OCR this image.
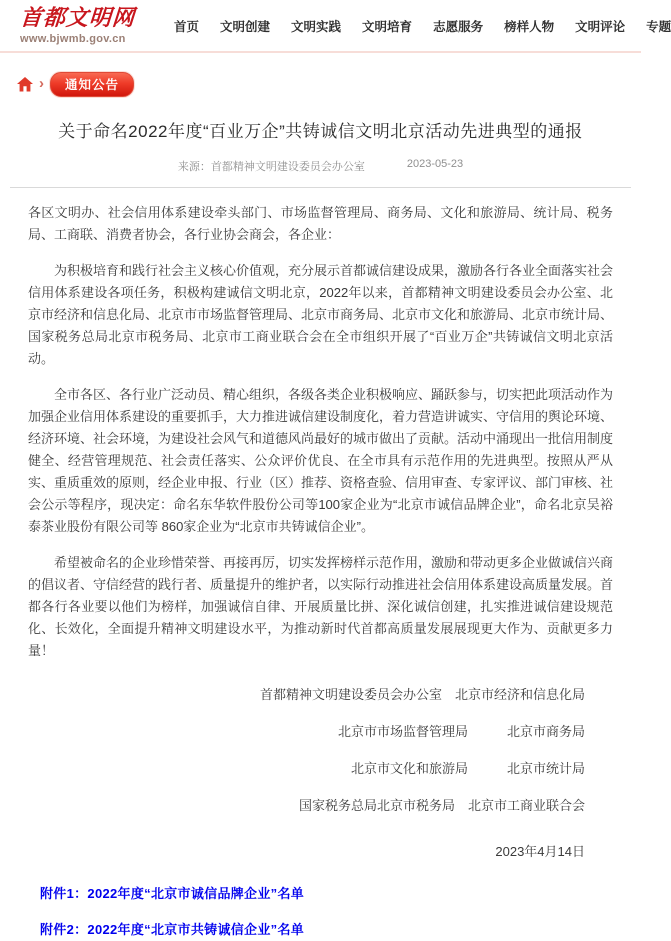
首都文明网
www.bjwmb.gov.cn
首页 文明创建 文明实践 文明培育 志愿服务 榜样人物 文明评论 专题
›	通知公告
关于命名2022年度“百业万企”共铸诚信文明北京活动先进典型的通报
来源：首都精神文明建设委员会办公室	2023-05-23

各区文明办、社会信用体系建设牵头部门、市场监督管理局、商务局、文化和旅游局、统计局、税务局、工商联、消费者协会，各行业协会商会，各企业：

为积极培育和践行社会主义核心价值观，充分展示首都诚信建设成果，激励各行各业全面落实社会信用体系建设各项任务，积极构建诚信文明北京，2022年以来，首都精神文明建设委员会办公室、北京市经济和信息化局、北京市市场监督管理局、北京市商务局、北京市文化和旅游局、北京市统计局、国家税务总局北京市税务局、北京市工商业联合会在全市组织开展了“百业万企”共铸诚信文明北京活动。

全市各区、各行业广泛动员、精心组织，各级各类企业积极响应、踊跃参与，切实把此项活动作为加强企业信用体系建设的重要抓手，大力推进诚信建设制度化，着力营造讲诚实、守信用的舆论环境、经济环境、社会环境，为建设社会风气和道德风尚最好的城市做出了贡献。活动中涌现出一批信用制度健全、经营管理规范、社会责任落实、公众评价优良、在全市具有示范作用的先进典型。按照从严从实、重质重效的原则，经企业申报、行业（区）推荐、资格查验、信用审查、专家评议、部门审核、社会公示等程序，现决定：命名东华软件股份公司等100家企业为“北京市诚信品牌企业”，命名北京吴裕泰茶业股份有限公司等 860家企业为“北京市共铸诚信企业”。

希望被命名的企业珍惜荣誉、再接再厉，切实发挥榜样示范作用，激励和带动更多企业做诚信兴商的倡议者、守信经营的践行者、质量提升的维护者，以实际行动推进社会信用体系建设高质量发展。首都各行各业要以他们为榜样，加强诚信自律、开展质量比拼、深化诚信创建，扎实推进诚信建设规范化、长效化，全面提升精神文明建设水平，为推动新时代首都高质量发展展现更大作为、贡献更多力量！

首都精神文明建设委员会办公室　北京市经济和信息化局
北京市市场监督管理局　　　北京市商务局　
北京市文化和旅游局　　　北京市统计局　
国家税务总局北京市税务局　北京市工商业联合会
2023年4月14日
附件1：2022年度“北京市诚信品牌企业”名单
附件2：2022年度“北京市共铸诚信企业”名单
